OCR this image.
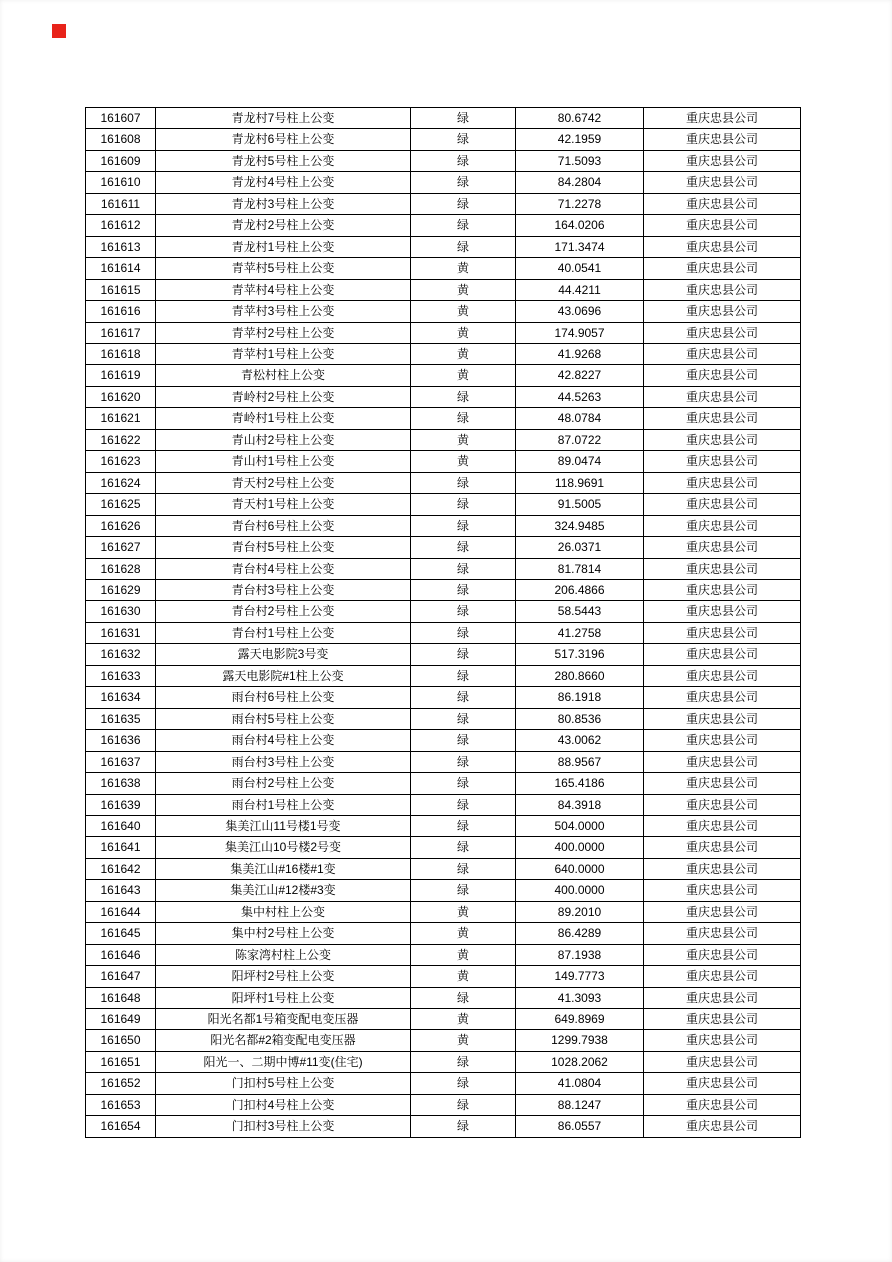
161607	青龙村7号柱上公变	绿	80.6742	重庆忠县公司
161608	青龙村6号柱上公变	绿	42.1959	重庆忠县公司
161609	青龙村5号柱上公变	绿	71.5093	重庆忠县公司
161610	青龙村4号柱上公变	绿	84.2804	重庆忠县公司
161611	青龙村3号柱上公变	绿	71.2278	重庆忠县公司
161612	青龙村2号柱上公变	绿	164.0206	重庆忠县公司
161613	青龙村1号柱上公变	绿	171.3474	重庆忠县公司
161614	青苹村5号柱上公变	黄	40.0541	重庆忠县公司
161615	青苹村4号柱上公变	黄	44.4211	重庆忠县公司
161616	青苹村3号柱上公变	黄	43.0696	重庆忠县公司
161617	青苹村2号柱上公变	黄	174.9057	重庆忠县公司
161618	青苹村1号柱上公变	黄	41.9268	重庆忠县公司
161619	青松村柱上公变	黄	42.8227	重庆忠县公司
161620	青岭村2号柱上公变	绿	44.5263	重庆忠县公司
161621	青岭村1号柱上公变	绿	48.0784	重庆忠县公司
161622	青山村2号柱上公变	黄	87.0722	重庆忠县公司
161623	青山村1号柱上公变	黄	89.0474	重庆忠县公司
161624	青天村2号柱上公变	绿	118.9691	重庆忠县公司
161625	青天村1号柱上公变	绿	91.5005	重庆忠县公司
161626	青台村6号柱上公变	绿	324.9485	重庆忠县公司
161627	青台村5号柱上公变	绿	26.0371	重庆忠县公司
161628	青台村4号柱上公变	绿	81.7814	重庆忠县公司
161629	青台村3号柱上公变	绿	206.4866	重庆忠县公司
161630	青台村2号柱上公变	绿	58.5443	重庆忠县公司
161631	青台村1号柱上公变	绿	41.2758	重庆忠县公司
161632	露天电影院3号变	绿	517.3196	重庆忠县公司
161633	露天电影院#1柱上公变	绿	280.8660	重庆忠县公司
161634	雨台村6号柱上公变	绿	86.1918	重庆忠县公司
161635	雨台村5号柱上公变	绿	80.8536	重庆忠县公司
161636	雨台村4号柱上公变	绿	43.0062	重庆忠县公司
161637	雨台村3号柱上公变	绿	88.9567	重庆忠县公司
161638	雨台村2号柱上公变	绿	165.4186	重庆忠县公司
161639	雨台村1号柱上公变	绿	84.3918	重庆忠县公司
161640	集美江山11号楼1号变	绿	504.0000	重庆忠县公司
161641	集美江山10号楼2号变	绿	400.0000	重庆忠县公司
161642	集美江山#16楼#1变	绿	640.0000	重庆忠县公司
161643	集美江山#12楼#3变	绿	400.0000	重庆忠县公司
161644	集中村柱上公变	黄	89.2010	重庆忠县公司
161645	集中村2号柱上公变	黄	86.4289	重庆忠县公司
161646	陈家湾村柱上公变	黄	87.1938	重庆忠县公司
161647	阳坪村2号柱上公变	黄	149.7773	重庆忠县公司
161648	阳坪村1号柱上公变	绿	41.3093	重庆忠县公司
161649	阳光名都1号箱变配电变压器	黄	649.8969	重庆忠县公司
161650	阳光名都#2箱变配电变压器	黄	1299.7938	重庆忠县公司
161651	阳光一、二期中博#11变(住宅)	绿	1028.2062	重庆忠县公司
161652	门扣村5号柱上公变	绿	41.0804	重庆忠县公司
161653	门扣村4号柱上公变	绿	88.1247	重庆忠县公司
161654	门扣村3号柱上公变	绿	86.0557	重庆忠县公司
